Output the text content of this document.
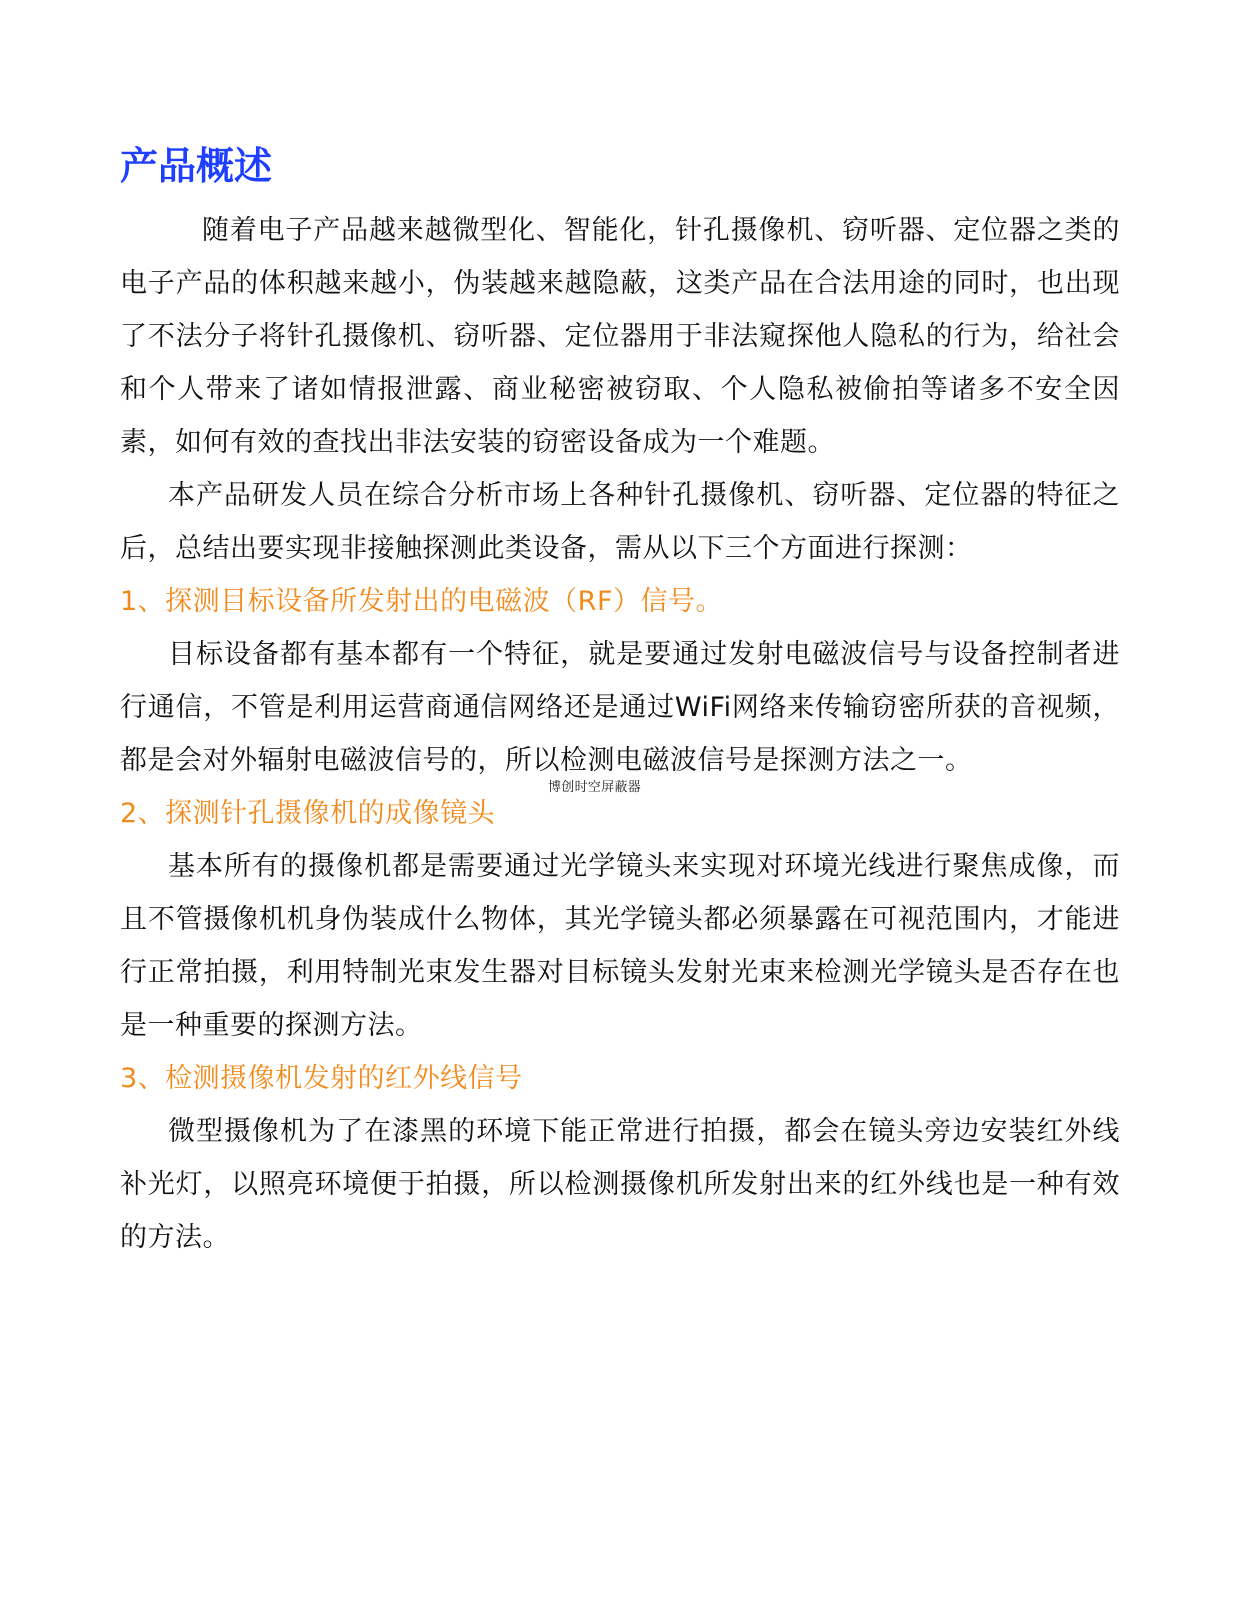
产品概述

随着电子产品越来越微型化、智能化，针孔摄像机、窃听器、定位器之类的电子产品的体积越来越小，伪装越来越隐蔽，这类产品在合法用途的同时，也出现了不法分子将针孔摄像机、窃听器、定位器用于非法窥探他人隐私的行为，给社会和个人带来了诸如情报泄露、商业秘密被窃取、个人隐私被偷拍等诸多不安全因素，如何有效的查找出非法安装的窃密设备成为一个难题。

本产品研发人员在综合分析市场上各种针孔摄像机、窃听器、定位器的特征之后，总结出要实现非接触探测此类设备，需从以下三个方面进行探测：

1、探测目标设备所发射出的电磁波（RF）信号。

目标设备都有基本都有一个特征，就是要通过发射电磁波信号与设备控制者进行通信，不管是利用运营商通信网络还是通过WiFi网络来传输窃密所获的音视频，都是会对外辐射电磁波信号的，所以检测电磁波信号是探测方法之一。

2、探测针孔摄像机的成像镜头

基本所有的摄像机都是需要通过光学镜头来实现对环境光线进行聚焦成像，而且不管摄像机机身伪装成什么物体，其光学镜头都必须暴露在可视范围内，才能进行正常拍摄，利用特制光束发生器对目标镜头发射光束来检测光学镜头是否存在也是一种重要的探测方法。

3、检测摄像机发射的红外线信号

微型摄像机为了在漆黑的环境下能正常进行拍摄，都会在镜头旁边安装红外线补光灯，以照亮环境便于拍摄，所以检测摄像机所发射出来的红外线也是一种有效的方法。

博创时空屏蔽器
